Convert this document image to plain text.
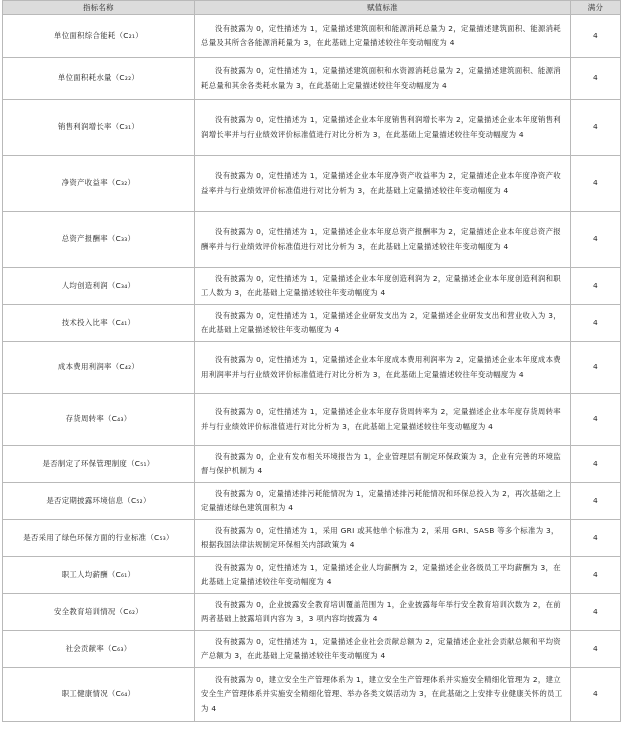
指标名称	赋值标准	满分
单位面积综合能耗（C₂₁）	没有披露为 0，定性描述为 1，定量描述建筑面积和能源消耗总量为 2，定量描述建筑面积、能源消耗总量及其所含各能源消耗量为 3，在此基础上定量描述较往年变动幅度为 4	4
单位面积耗水量（C₂₂）	没有披露为 0，定性描述为 1，定量描述建筑面积和水资源消耗总量为 2，定量描述建筑面积、能源消耗总量和其余各类耗水量为 3，在此基础上定量描述较往年变动幅度为 4	4
销售利润增长率（C₃₁）	没有披露为 0，定性描述为 1，定量描述企业本年度销售利润增长率为 2，定量描述企业本年度销售利润增长率并与行业绩效评价标准值进行对比分析为 3，在此基础上定量描述较往年变动幅度为 4	4
净资产收益率（C₃₂）	没有披露为 0，定性描述为 1，定量描述企业本年度净资产收益率为 2，定量描述企业本年度净资产收益率并与行业绩效评价标准值进行对比分析为 3，在此基础上定量描述较往年变动幅度为 4	4
总资产报酬率（C₃₃）	没有披露为 0，定性描述为 1，定量描述企业本年度总资产报酬率为 2，定量描述企业本年度总资产报酬率并与行业绩效评价标准值进行对比分析为 3，在此基础上定量描述较往年变动幅度为 4	4
人均创造利润（C₃₄）	没有披露为 0，定性描述为 1，定量描述企业本年度创造利润为 2，定量描述企业本年度创造利润和职工人数为 3，在此基础上定量描述较往年变动幅度为 4	4
技术投入比率（C₄₁）	没有披露为 0，定性描述为 1，定量描述企业研发支出为 2，定量描述企业研发支出和营业收入为 3，在此基础上定量描述较往年变动幅度为 4	4
成本费用利润率（C₄₂）	没有披露为 0，定性描述为 1，定量描述企业本年度成本费用利润率为 2，定量描述企业本年度成本费用利润率并与行业绩效评价标准值进行对比分析为 3，在此基础上定量描述较往年变动幅度为 4	4
存货周转率（C₄₃）	没有披露为 0，定性描述为 1，定量描述企业本年度存货周转率为 2，定量描述企业本年度存货周转率并与行业绩效评价标准值进行对比分析为 3，在此基础上定量描述较往年变动幅度为 4	4
是否制定了环保管理制度（C₅₁）	没有披露为 0，企业有发布相关环境报告为 1，企业管理层有制定环保政策为 3，企业有完善的环境监督与保护机制为 4	4
是否定期披露环境信息（C₅₂）	没有披露为 0，定量描述排污耗能情况为 1，定量描述排污耗能情况和环保总投入为 2，再次基础之上定量描述绿色建筑面积为 4	4
是否采用了绿色环保方面的行业标准（C₅₃）	没有披露为 0，定性描述为 1，采用 GRI 或其他单个标准为 2，采用 GRI、SASB 等多个标准为 3，根据我国法律法规制定环保相关内部政策为 4	4
职工人均薪酬（C₆₁）	没有披露为 0，定性描述为 1，定量描述企业人均薪酬为 2，定量描述企业各级员工平均薪酬为 3，在此基础上定量描述较往年变动幅度为 4	4
安全教育培训情况（C₆₂）	没有披露为 0，企业披露安全教育培训覆盖范围为 1，企业披露每年举行安全教育培训次数为 2，在前两者基础上披露培训内容为 3，3 项内容均披露为 4	4
社会贡献率（C₆₃）	没有披露为 0，定性描述为 1，定量描述企业社会贡献总额为 2，定量描述企业社会贡献总额和平均资产总额为 3，在此基础上定量描述较往年变动幅度为 4	4
职工健康情况（C₆₄）	没有披露为 0，建立安全生产管理体系为 1，建立安全生产管理体系并实施安全精细化管理为 2，建立安全生产管理体系并实施安全精细化管理、举办各类文娱活动为 3，在此基础之上安排专业健康关怀的员工为 4	4
